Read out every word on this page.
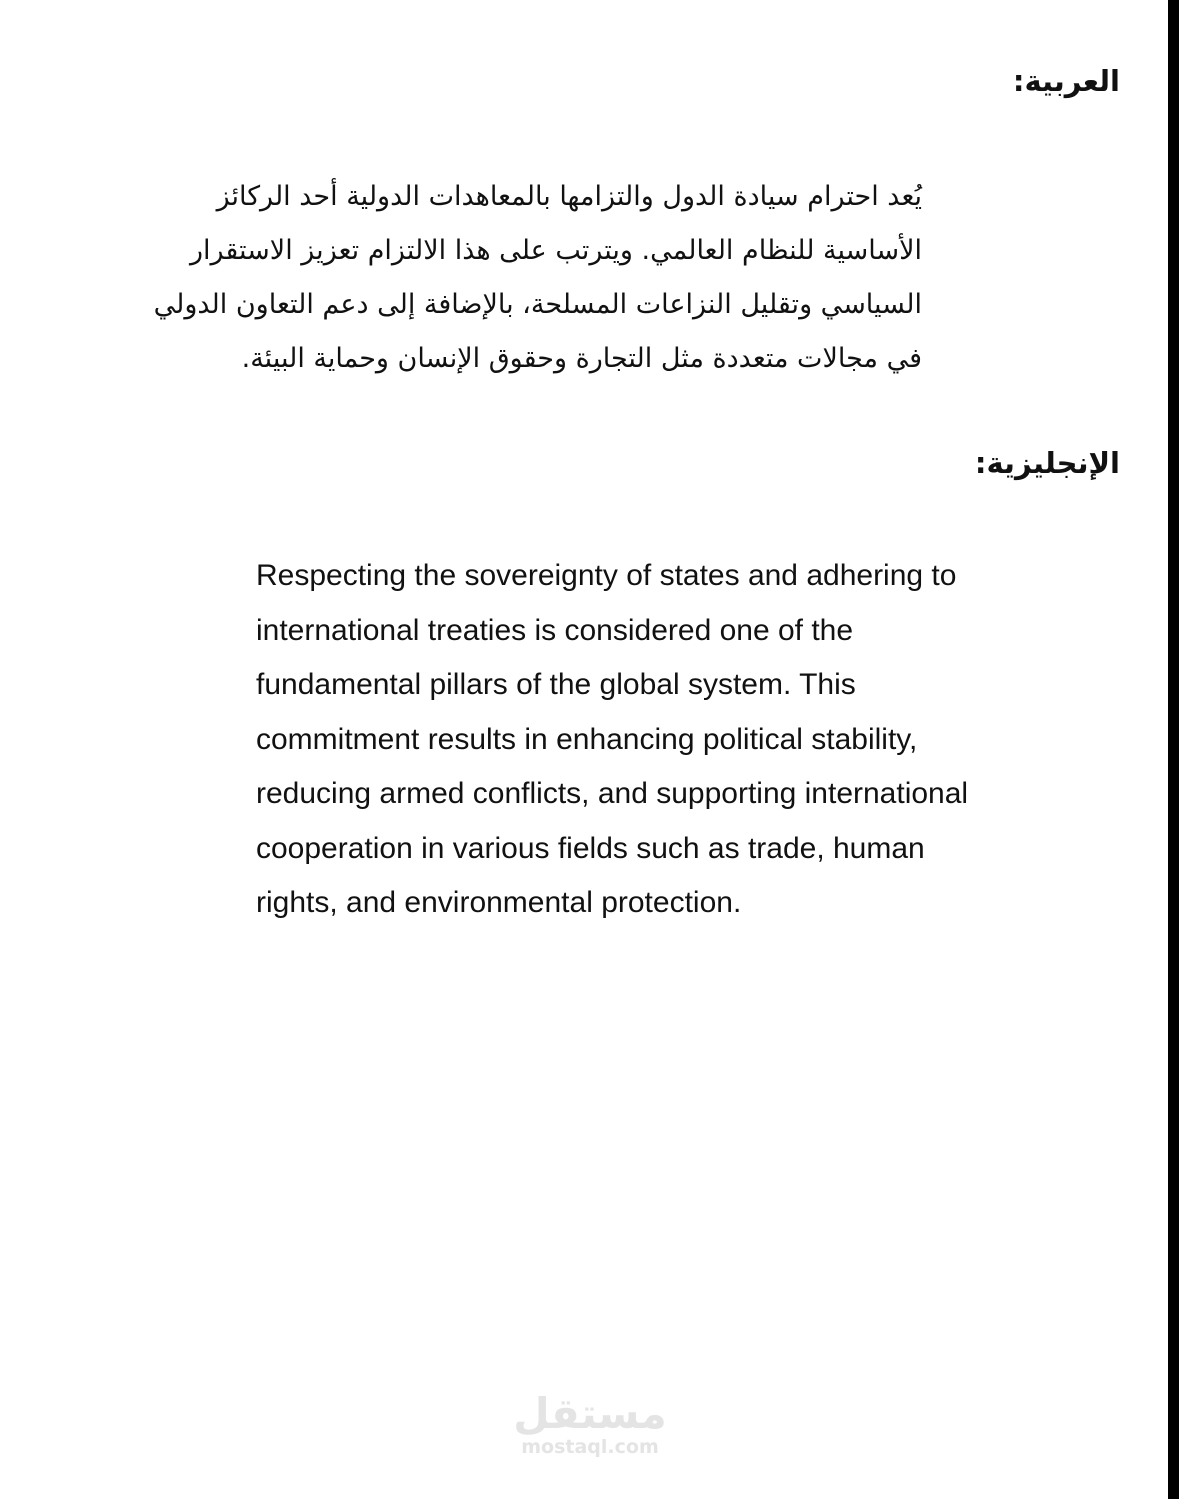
العربية:

يُعد احترام سيادة الدول والتزامها بالمعاهدات الدولية أحد الركائز
الأساسية للنظام العالمي. ويترتب على هذا الالتزام تعزيز الاستقرار
السياسي وتقليل النزاعات المسلحة، بالإضافة إلى دعم التعاون الدولي
في مجالات متعددة مثل التجارة وحقوق الإنسان وحماية البيئة.

الإنجليزية:

Respecting the sovereignty of states and adhering to
international treaties is considered one of the
fundamental pillars of the global system. This
commitment results in enhancing political stability,
reducing armed conflicts, and supporting international
cooperation in various fields such as trade, human
rights, and environmental protection.

مستقل
mostaql.com
